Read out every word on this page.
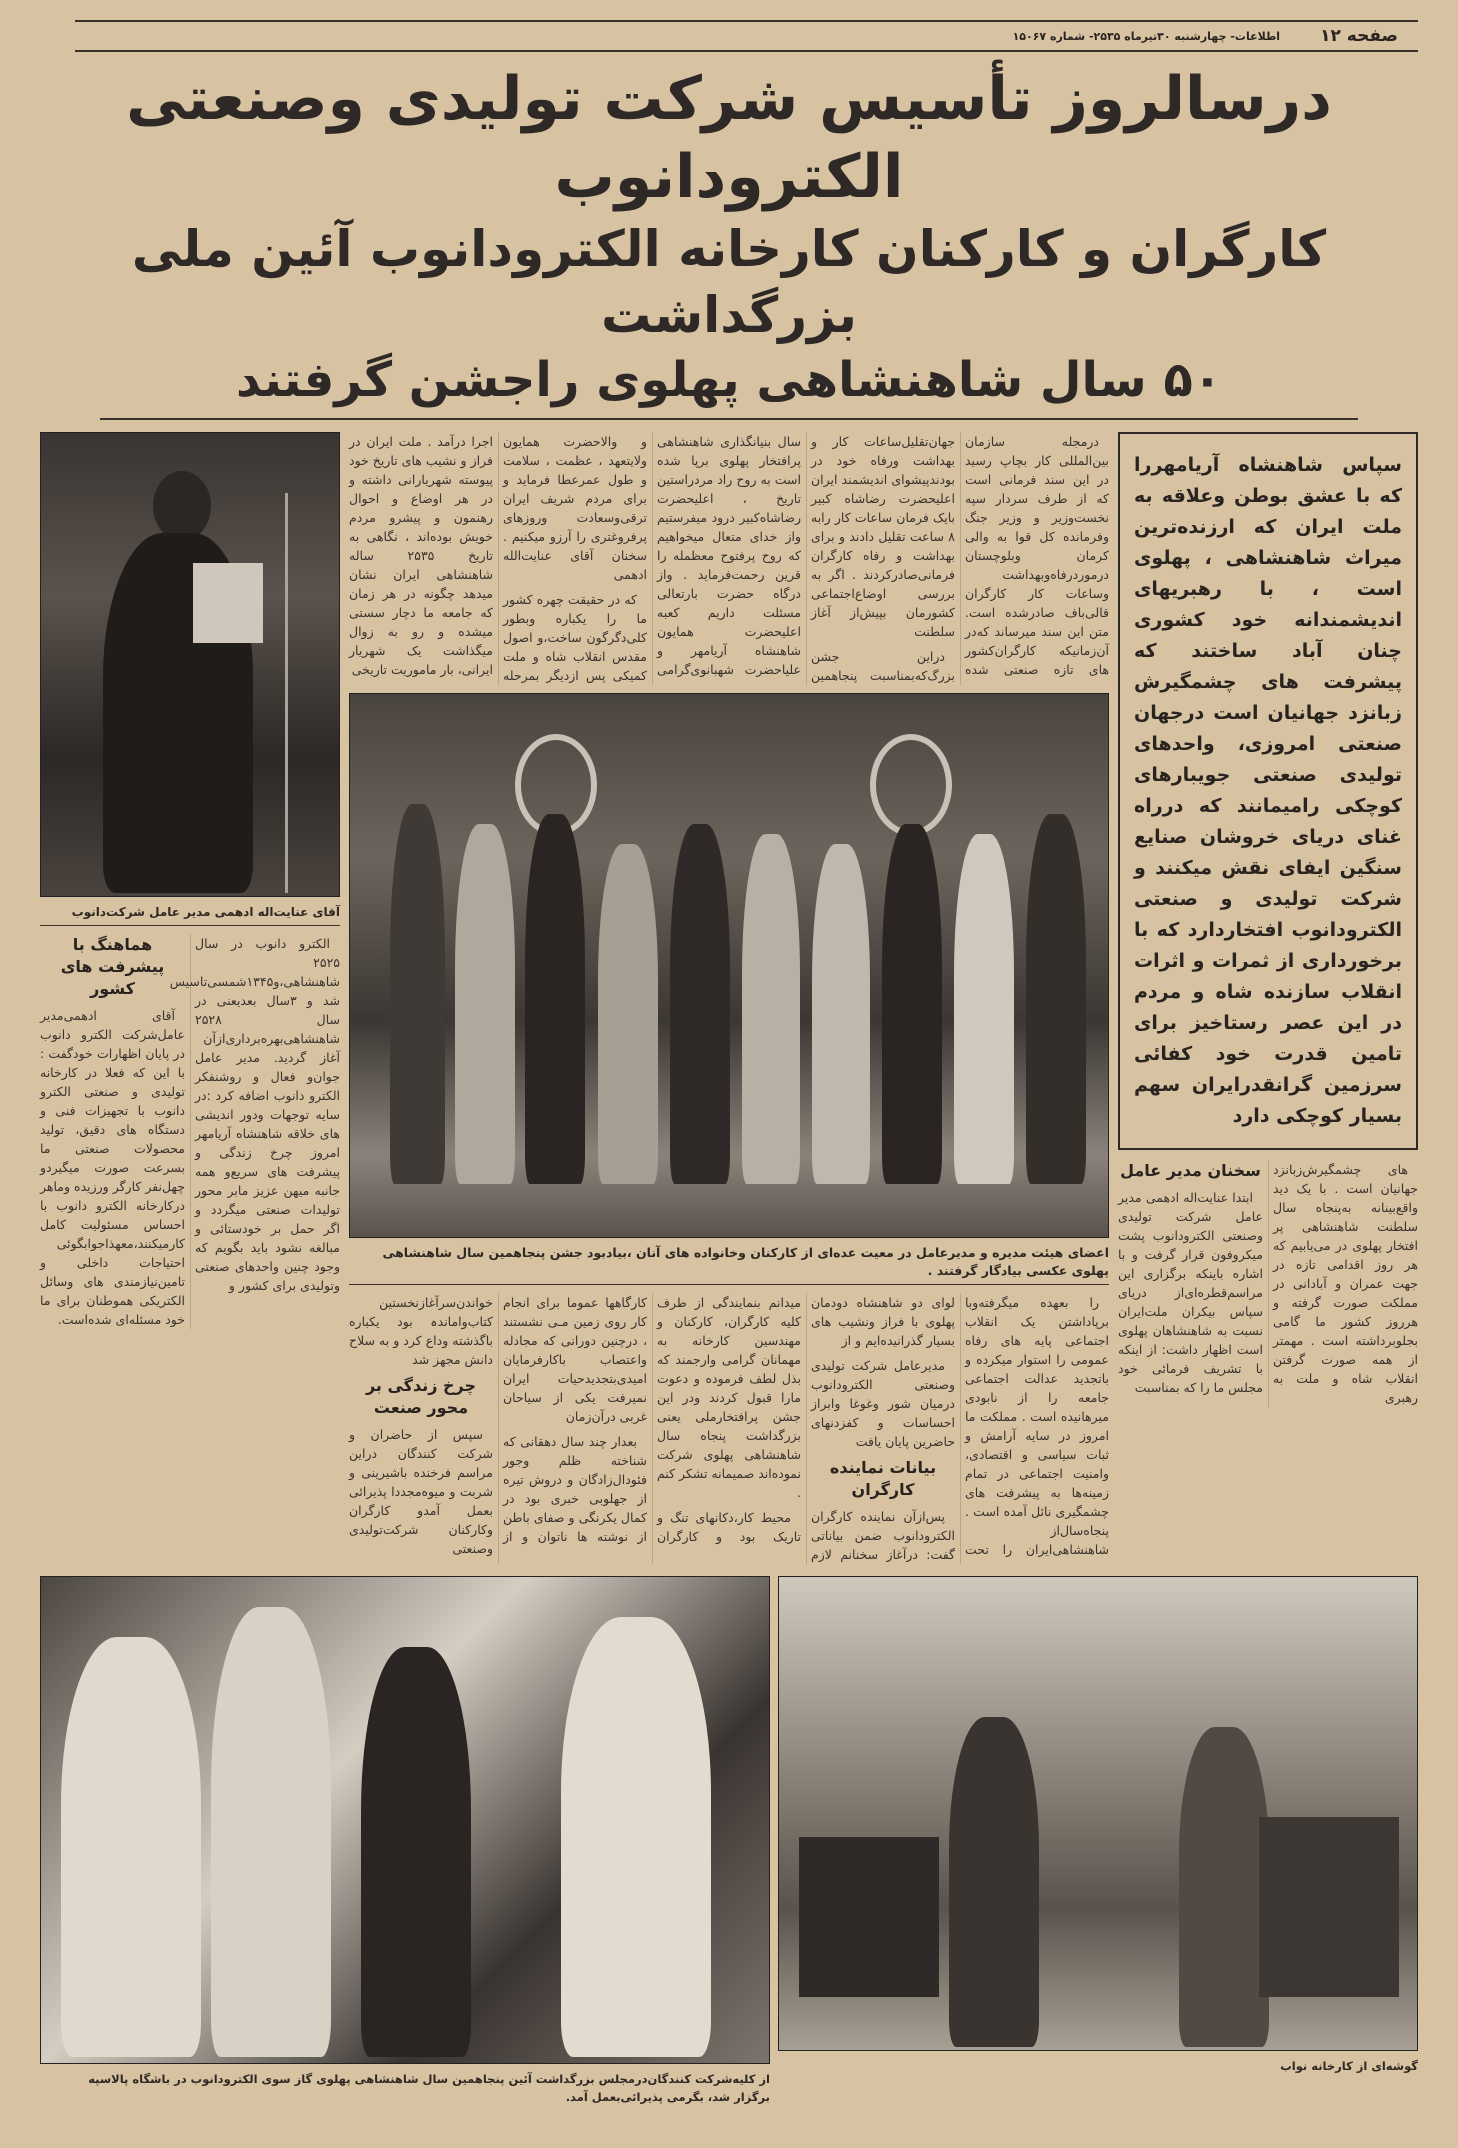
صفحه ۱۲
اطلاعات- چهارشنبه ۳۰تیرماه ۲۵۳۵- شماره ۱۵۰۶۷
درسالروز تأسیس شرکت تولیدی وصنعتی الکترودانوب
کارگران و کارکنان کارخانه الکترودانوب آئین ملی بزرگداشت
۵۰ سال شاهنشاهی پهلوی راجشن گرفتند
آقای عنایت‌اله ادهمی مدیر عامل شرکت‌دانوب

الکترو دانوب در سال ۲۵۲۵ شاهنشاهی،و۱۳۴۵شمسی‌تاسیس شد و ۳سال بعدیعنی در سال ۲۵۲۸ شاهنشاهی‌بهره‌برداری‌ازآن آغاز گردید. مدیر عامل جوان‌و فعال و روشنفکر الکترو دانوب اضافه کرد :در سایه توجهات ودور اندیشی های خلاقه شاهنشاه آریامهر امروز چرخ زندگی و پیشرفت های سریع‌و همه جانبه میهن عزیز مابر محور تولیدات صنعتی میگردد و اگر حمل بر خودستائی و مبالغه نشود باید بگویم که وجود چنین واحدهای صنعتی وتولیدی برای کشور و

هماهنگ با پیشرفت های کشور

آقای ادهمی‌مدیر عامل‌شرکت الکترو دانوب در پایان اظهارات خودگفت : با این که فعلا در کارخانه تولیدی و صنعتی الکترو دانوب با تجهیزات فنی و دستگاه های دقیق، تولید محصولات صنعتی ما بسرعت صورت میگیردو چهل‌نفر کارگر ورزیده وماهر درکارخانه الکترو دانوب با احساس مسئولیت کامل کارمیکنند،معهذاجوابگوئی احتیاجات داخلی و تامین‌نیازمندی های وسائل الکتریکی هموطنان برای ما خود مسئله‌ای شده‌است.

درمجله سازمان بین‌المللی کار بچاپ رسید در این سند فرمانی است که از طرف سردار سپه نخست‌وزیر و وزیر جنگ وفرمانده کل قوا به والی کرمان وبلوچستان درموردرفاه‌وبهداشت وساعات کار کارگران قالی‌باف صادرشده است. متن این سند میرساند که‌در آن‌زمانیکه کارگران‌کشور های تازه صنعتی شده جهان‌تقلیل‌ساعات کار و بهداشت ورفاه خود در بودندپیشوای اندیشمند ایران اعلیحضرت رضاشاه کبیر بایک فرمان ساعات کار رابه ۸ ساعت تقلیل دادند و برای بهداشت و رفاه کارگران فرمانی‌صادرکردند . اگر به بررسی اوضاع‌اجتماعی کشورمان بپیش‌از آغاز سلطنت

دراین جشن بزرگ‌که‌بمناسبت پنجاهمین سال بنیانگذاری شاهنشاهی پرافتخار پهلوی برپا شده است به روح راد مردراستین تاریخ ، اعلیحضرت رضاشاه‌کبیر درود میفرستیم واز خدای متعال میخواهیم که روح پرفتوح معظمله را قرین رحمت‌فرماید . واز درگاه حضرت بارتعالی مسئلت داریم کعبه اعلیحضرت همایون شاهنشاه آریامهر و علیاحضرت شهبانوی‌گرامی و والاحضرت همایون ولایتعهد ، عظمت ، سلامت و طول عمرعطا فرماید و برای مردم شریف ایران ترقی‌وسعادت وروزهای پرفروغتری را آرزو میکنیم . سخنان آقای عنایت‌الله ادهمی

که در حقیقت چهره کشور ما را یکباره وبطور کلی‌دگرگون ساخت،و اصول مقدس انقلاب شاه و ملت کمیکی پس ازدیگر بمرحله اجرا درآمد . ملت ایران در فراز و نشیب های تاریخ خود پیوسته شهریارانی داشته و در هر اوضاع و احوال رهنمون و پیشرو مردم خویش بوده‌اند ، نگاهی به تاریخ ۲۵۳۵ ساله شاهنشاهی ایران نشان میدهد چگونه در هر زمان که جامعه ما دچار سستی میشده و رو به زوال میگذاشت یک شهریار ایرانی، بار ماموریت تاریخی

اعضای هیئت مدیره و مدیرعامل در معیت عده‌ای از کارکنان وخانواده های آنان ،بیادبود جشن پنجاهمین سال شاهنشاهی پهلوی عکسی بیادگار گرفتند .

را بعهده میگرفته‌وبا برپاداشتن یک انقلاب اجتماعی پایه های رفاه عمومی را استوار میکرده و باتجدید عدالت اجتماعی جامعه را از نابودی میرهانیده است . مملکت ما امروز در سایه آرامش و ثبات سیاسی و اقتصادی، وامنیت اجتماعی در تمام زمینه‌ها به پیشرفت های چشمگیری نائل آمده است . پنجاه‌سال‌از شاهنشاهی‌ایران را تحت لوای دو شاهنشاه دودمان پهلوی با فراز ونشیب های بسیار گذرانیده‌ایم و از

مدیرعامل شرکت تولیدی وصنعتی الکترودانوب درمیان شور وغوغا وابراز احساسات و کفزدنهای حاضرین پایان یافت

بیانات نماینده کارگران

پس‌ازآن نماینده کارگران الکترودانوب ضمن بیاناتی گفت: درآغاز سخنانم لازم میدانم بنمایندگی از طرف کلیه کارگران، کارکنان و مهندسین کارخانه به مهمانان گرامی وارجمند که بذل لطف فرموده و دعوت مارا قبول کردند ودر این جشن پرافتخارملی یعنی بزرگداشت پنجاه سال شاهنشاهی پهلوی شرکت نموده‌اند صمیمانه تشکر کنم .

محیط کار،دکانهای تنگ و تاریک بود و کارگران کارگاهها عموما برای انجام کار روی زمین مـی نشستند ، درچنین دورانی که مجادله واعتصاب باکارفرمایان امیدی‌بتجدیدحیات ایران نمیرفت یکی از سیاحان غربی درآن‌زمان

بعدار چند سال دهقانی که شناخته ظلم وجور فئودال‌زادگان و دروش تیره از جهلوبی خبری بود در کمال یکرنگی و صفای باطن از نوشته ها ناتوان و از خواندن‌سرآغازنخستین کتاب‌وا‌ماندہ بود یکباره باگذشته وداع کرد و به سلاح دانش مجهز شد

چرخ زندگی بر محور صنعت

سپس از حاضران و شرکت کنندگان دراین مراسم فرخنده باشیرینی و شربت و میوه‌مجددا پذیرائی بعمل آمدو کارگران وکارکنان شرکت‌تولیدی وصنعتی

سپاس شاهنشاه آریامهررا که با عشق بوطن وعلاقه به ملت ایران که ارزنده‌ترین میراث شاهنشاهی ، پهلوی است ، با رهبریهای اندیشمندانه خود کشوری چنان آباد ساختند که پیشرفت های چشمگیرش زبانزد جهانیان است درجهان صنعتی امروزی، واحدهای تولیدی صنعتی جویبارهای کوچکی رامیمانند که درراه غنای دریای خروشان صنایع سنگین ایفای نقش میکنند و شرکت تولیدی و صنعتی الکترودانوب افتخاردارد که با برخورداری از ثمرات و اثرات انقلاب سازنده شاه و مردم در این عصر رستاخیز برای تامین قدرت خود کفائی سرزمین گرانقدرایران سهم بسیار کوچکی دارد

های چشمگیرش‌زبانزد جهانیان است . با یک دید واقع‌بینانه به‌پنجاه سال سلطنت شاهنشاهی پر افتخار پهلوی در می‌یابیم که هر روز اقدامی تازه در جهت عمران و آبادانی در مملکت صورت گرفته و هرروز کشور ما گامی بجلوبرداشته است . مهمتر از همه صورت گرفتن انقلاب شاه و ملت به رهبری

سخنان مدیر عامل

ابتدا عنایت‌اله ادهمی مدیر عامل شرکت تولیدی وصنعتی الکترودانوب پشت میکروفون قرار گرفت و با اشاره باینکه برگزاری این مراسم‌قطره‌ای‌از دریای سپاس بیکران ملت‌ایران نسبت به شاهنشاهان پهلوی است اظهار داشت: از اینکه با تشریف فرمائی خود مجلس ما را که بمناسبت

از کلیه‌شرکت کنندگان‌درمجلس بزرگداشت آئین پنجاهمین سال شاهنشاهی پهلوی گاز سوی الکترودانوب در باشگاه پالاسپه
برگزار شد، بگرمی پذیرائی‌بعمل آمد.
گوشه‌ای از کارخانه نواب
